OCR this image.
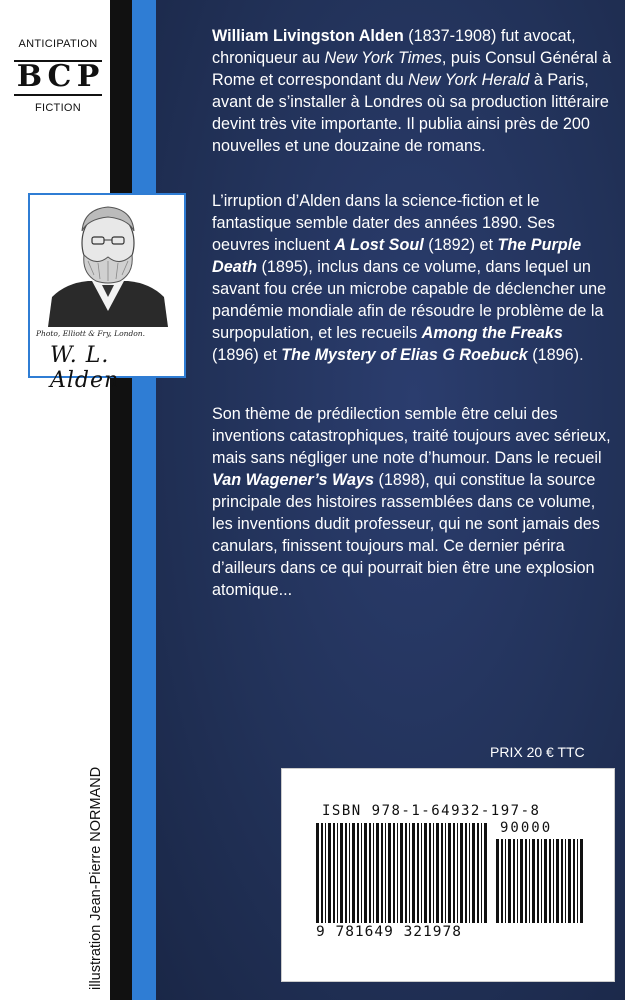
ANTICIPATION
B C P
FICTION
Photo, Elliott & Fry, London.
W. L. Alden
illustration Jean-Pierre NORMAND

William Livingston Alden (1837-1908) fut avocat, chroniqueur au New York Times, puis Consul Général à Rome et correspondant du New York Herald à Paris, avant de s’installer à Londres où sa production littéraire devint très vite importante. Il publia ainsi près de 200 nouvelles et une douzaine de romans.

L’irruption d’Alden dans la science-fiction et le fantastique semble dater des années 1890. Ses oeuvres incluent A Lost Soul (1892) et The Purple Death (1895), inclus dans ce volume, dans lequel un savant fou crée un microbe capable de déclencher une pandémie mondiale afin de résoudre le problème de la surpopulation, et les recueils Among the Freaks (1896) et The Mystery of Elias G Roebuck (1896).

Son thème de prédilection semble être celui des inventions catastrophiques, traité toujours avec sérieux, mais sans négliger une note d’humour. Dans le recueil Van Wagener’s Ways (1898), qui constitue la source principale des histoires rassemblées dans ce volume, les inventions dudit professeur, qui ne sont jamais des canulars, finissent toujours mal. Ce dernier périra d’ailleurs dans ce qui pourrait bien être une explosion atomique...

PRIX 20 € TTC
ISBN 978-1-64932-197-8
90000
9 781649 321978
